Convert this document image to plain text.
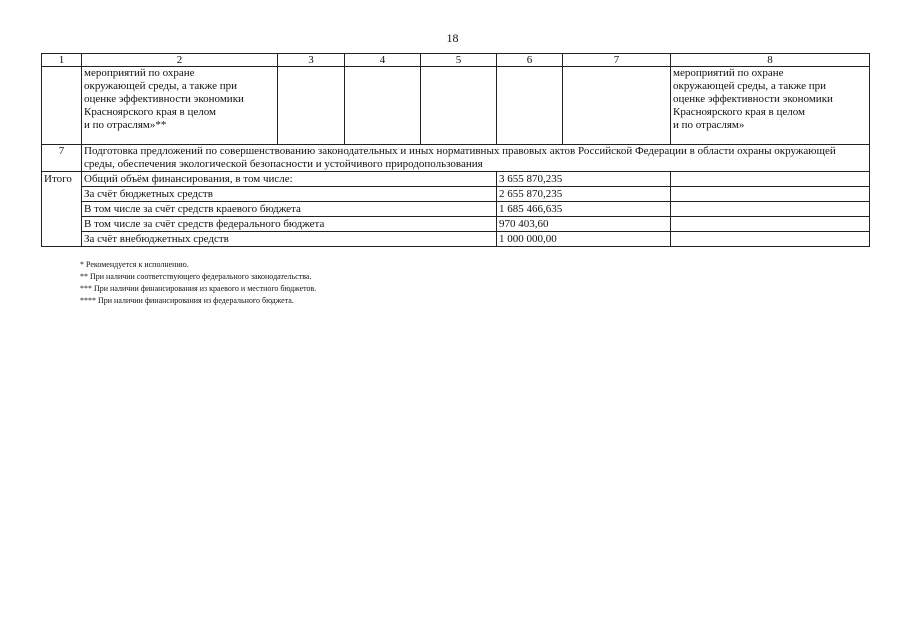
18
1	2	3	4	5	6	7	8
	мероприятий по охране
окружающей среды, а также при
оценке эффективности экономики
Красноярского края в целом
и по отраслям»**						мероприятий по охране
окружающей среды, а также при
оценке эффективности экономики
Красноярского края в целом
и по отраслям»
7	Подготовка предложений по совершенствованию законодательных и иных нормативных правовых актов Российской Федерации в области охраны окружающей среды, обеспечения экологической безопасности и устойчивого природопользования						
Итого	Общий объём финансирования, в том числе:				3 655 870,235		
	За счёт бюджетных средств				2 655 870,235		
	В том числе за счёт средств краевого бюджета				1 685 466,635		
	В том числе за счёт средств федерального бюджета				970 403,60		
	За счёт внебюджетных средств				1 000 000,00		
* Рекомендуется к исполнению.
** При наличии соответствующего федерального законодательства.
*** При наличии финансирования из краевого и местного бюджетов.
**** При наличии финансирования из федерального бюджета.
